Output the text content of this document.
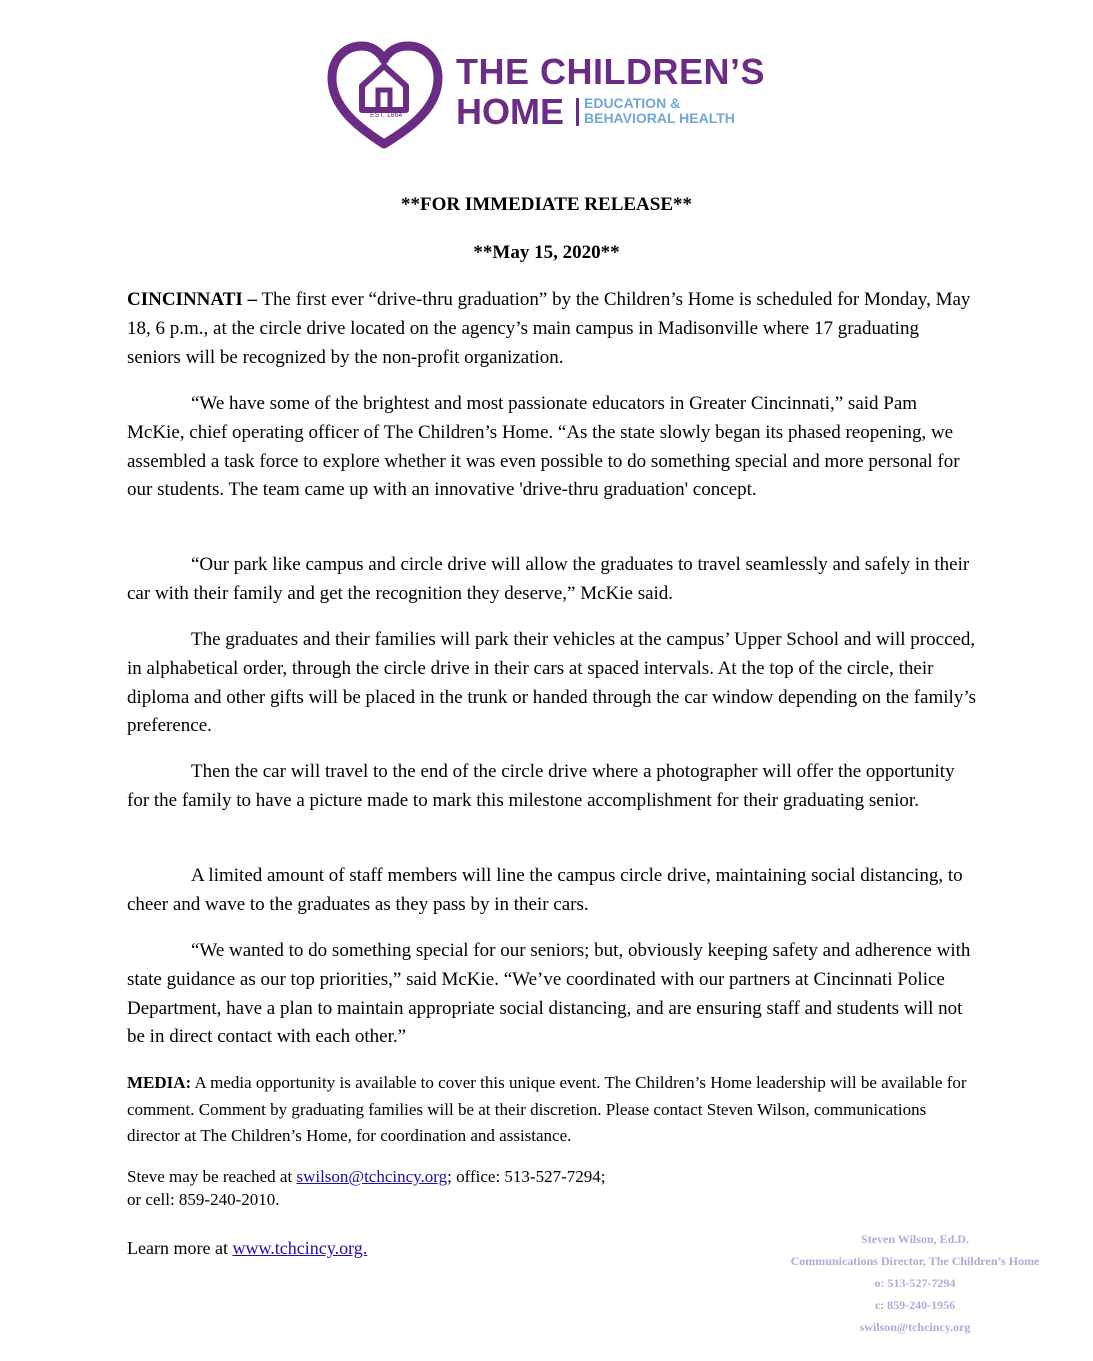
EST. 1864
THE CHILDREN’S
HOME EDUCATION &
BEHAVIORAL HEALTH
**FOR IMMEDIATE RELEASE**
**May 15, 2020**
CINCINNATI – The first ever “drive-thru graduation” by the Children’s Home is scheduled for Monday, May 18, 6 p.m., at the circle drive located on the agency’s main campus in Madisonville where 17 graduating seniors will be recognized by the non-profit organization.
“We have some of the brightest and most passionate educators in Greater Cincinnati,” said Pam McKie, chief operating officer of The Children’s Home. “As the state slowly began its phased reopening, we assembled a task force to explore whether it was even possible to do something special and more personal for our students. The team came up with an innovative 'drive-thru graduation' concept.
“Our park like campus and circle drive will allow the graduates to travel seamlessly and safely in their car with their family and get the recognition they deserve,” McKie said.
The graduates and their families will park their vehicles at the campus’ Upper School and will procced, in alphabetical order, through the circle drive in their cars at spaced intervals. At the top of the circle, their diploma and other gifts will be placed in the trunk or handed through the car window depending on the family’s preference.
Then the car will travel to the end of the circle drive where a photographer will offer the opportunity for the family to have a picture made to mark this milestone accomplishment for their graduating senior.
A limited amount of staff members will line the campus circle drive, maintaining social distancing, to cheer and wave to the graduates as they pass by in their cars.
“We wanted to do something special for our seniors; but, obviously keeping safety and adherence with state guidance as our top priorities,” said McKie. “We’ve coordinated with our partners at Cincinnati Police Department, have a plan to maintain appropriate social distancing, and are ensuring staff and students will not be in direct contact with each other.”
MEDIA: A media opportunity is available to cover this unique event. The Children’s Home leadership will be available for comment. Comment by graduating families will be at their discretion. Please contact Steven Wilson, communications director at The Children’s Home, for coordination and assistance.
Steve may be reached at swilson@tchcincy.org; office: 513-527-7294;
or cell: 859-240-2010.
Learn more at www.tchcincy.org.	Steven Wilson, Ed.D.
Communications Director, The Children’s Home
o: 513-527-7294
c: 859-240-1956
swilson@tchcincy.org
